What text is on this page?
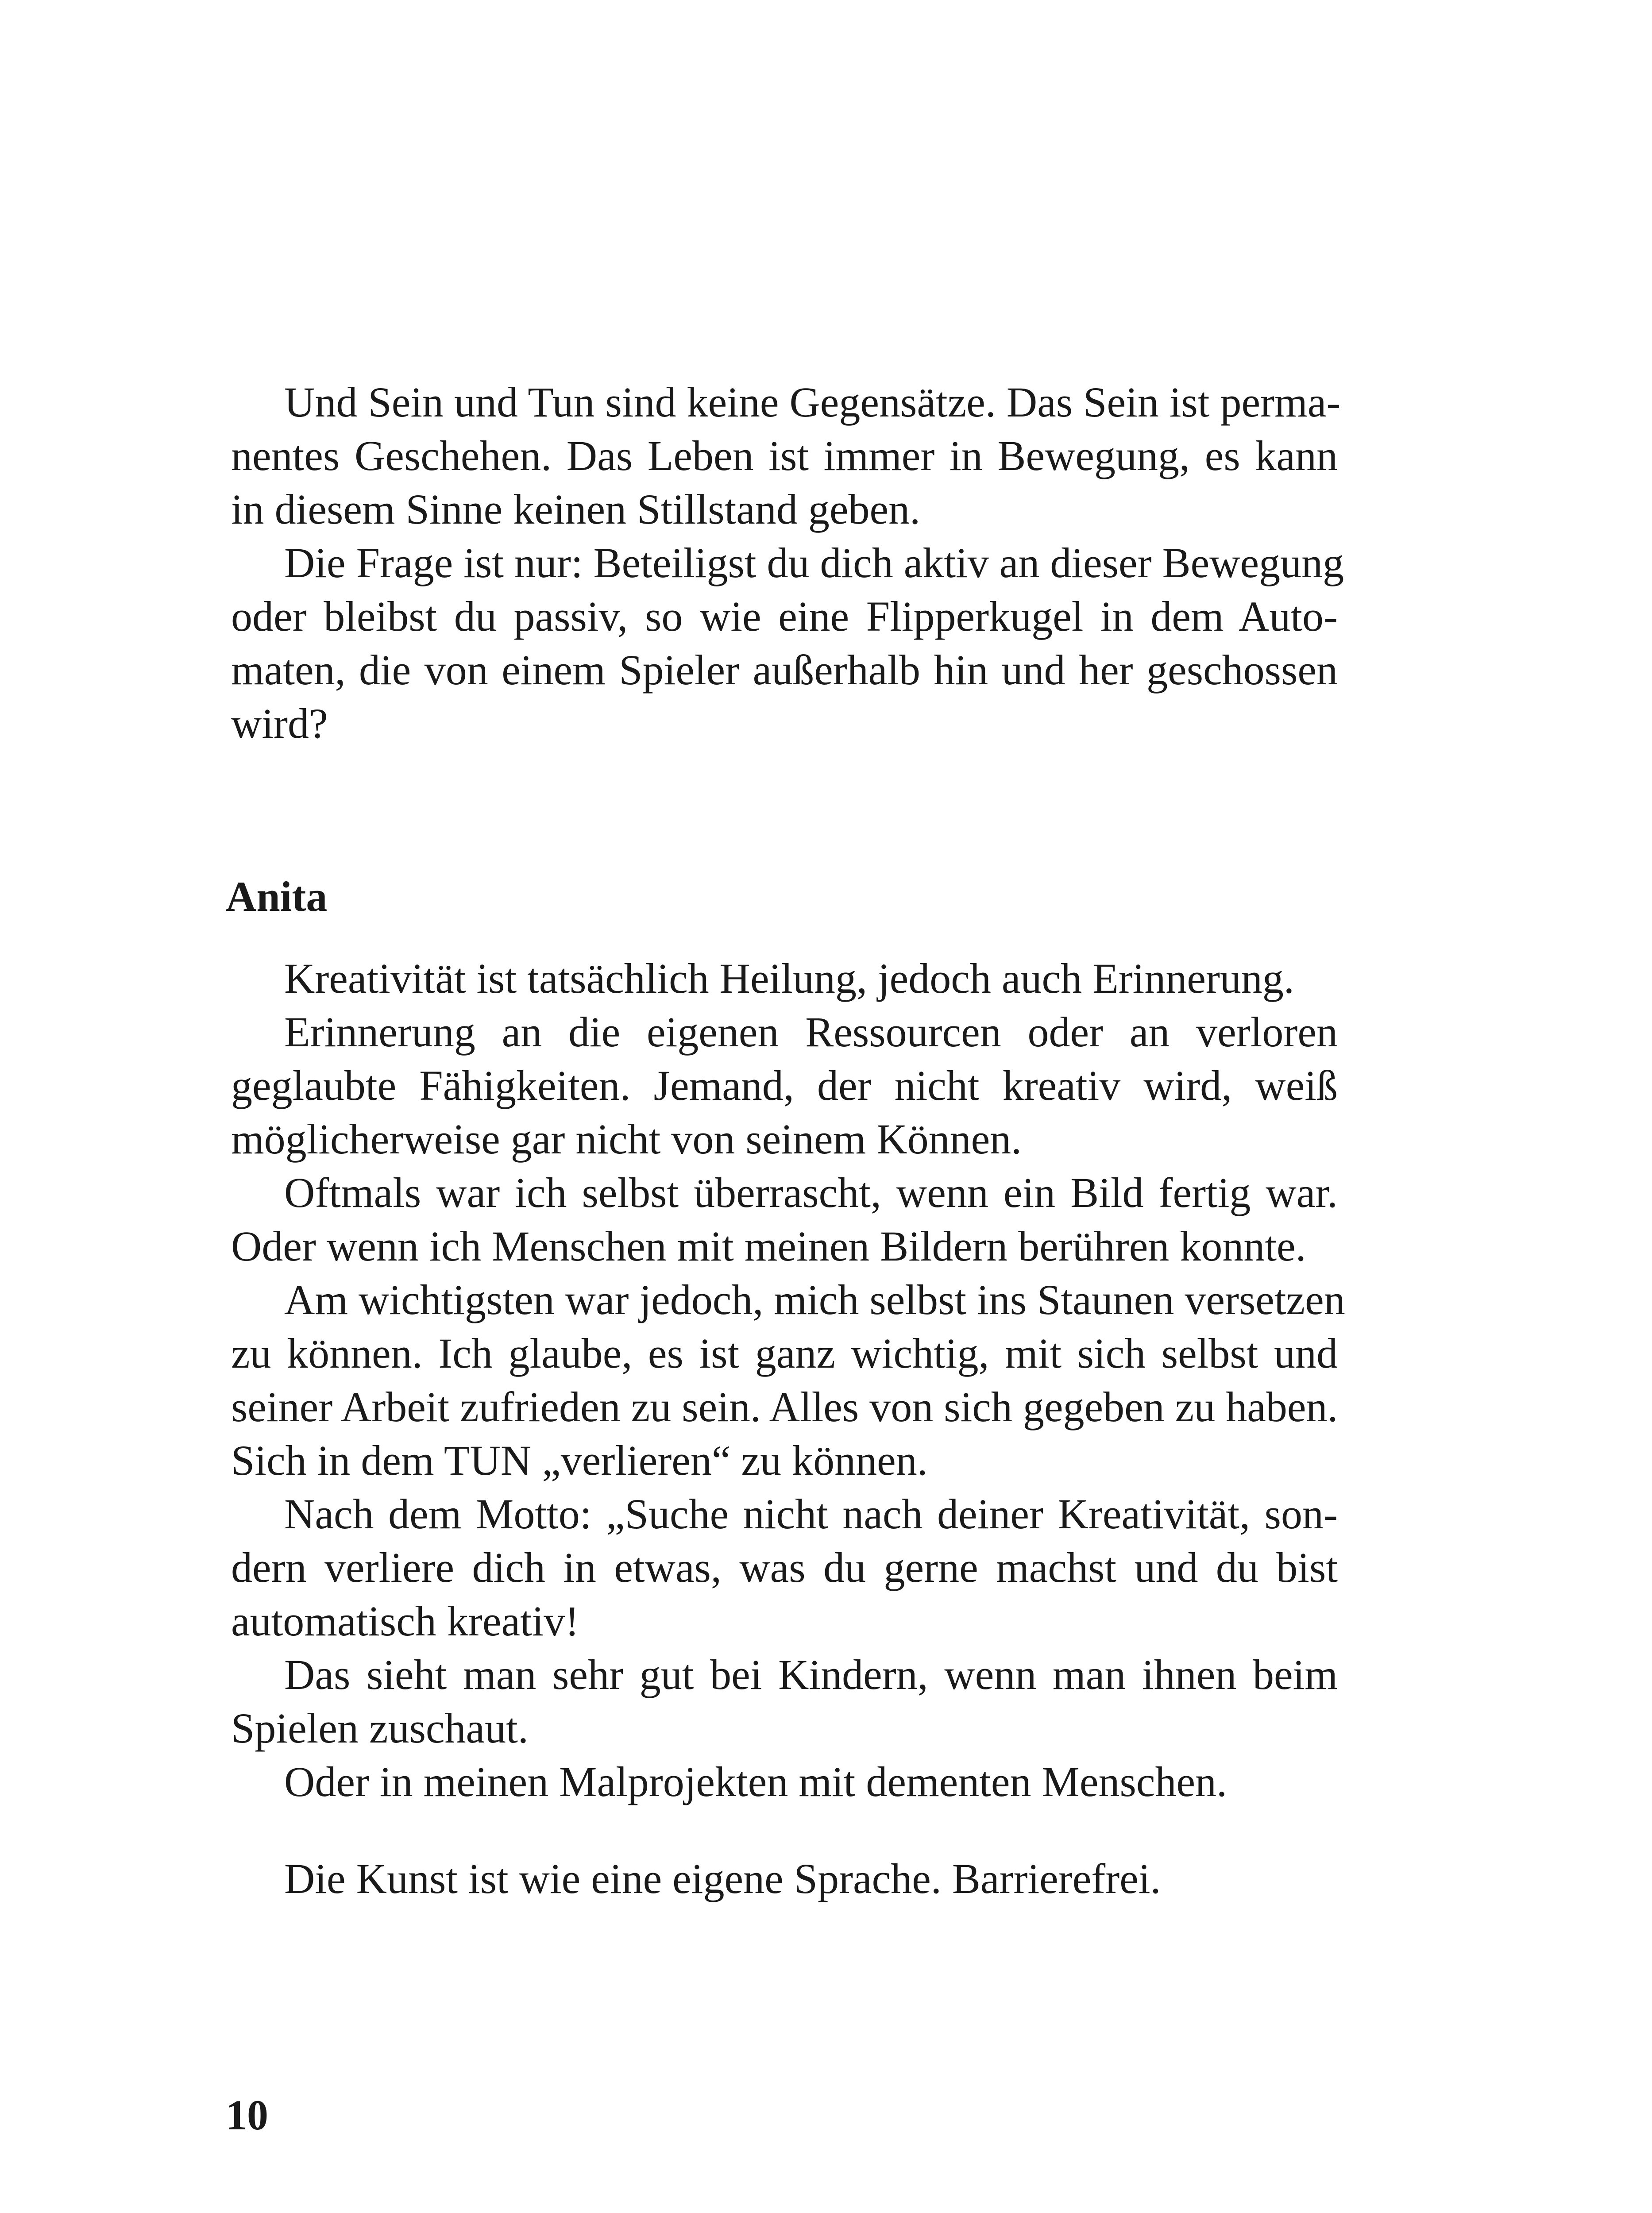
Und Sein und Tun sind keine Gegensätze. Das Sein ist perma-
nentes Geschehen. Das Leben ist immer in Bewegung, es kann
in diesem Sinne keinen Stillstand geben.
Die Frage ist nur: Beteiligst du dich aktiv an dieser Bewegung
oder bleibst du passiv, so wie eine Flipperkugel in dem Auto-
maten, die von einem Spieler außerhalb hin und her geschossen
wird?
Anita
Kreativität ist tatsächlich Heilung, jedoch auch Erinnerung.
Erinnerung an die eigenen Ressourcen oder an verloren
geglaubte Fähigkeiten. Jemand, der nicht kreativ wird, weiß
möglicherweise gar nicht von seinem Können.
Oftmals war ich selbst überrascht, wenn ein Bild fertig war.
Oder wenn ich Menschen mit meinen Bildern berühren konnte.
Am wichtigsten war jedoch, mich selbst ins Staunen versetzen
zu können. Ich glaube, es ist ganz wichtig, mit sich selbst und
seiner Arbeit zufrieden zu sein. Alles von sich gegeben zu haben.
Sich in dem TUN „verlieren“ zu können.
Nach dem Motto: „Suche nicht nach deiner Kreativität, son-
dern verliere dich in etwas, was du gerne machst und du bist
automatisch kreativ!
Das sieht man sehr gut bei Kindern, wenn man ihnen beim
Spielen zuschaut.
Oder in meinen Malprojekten mit dementen Menschen.
Die Kunst ist wie eine eigene Sprache. Barrierefrei.
10
